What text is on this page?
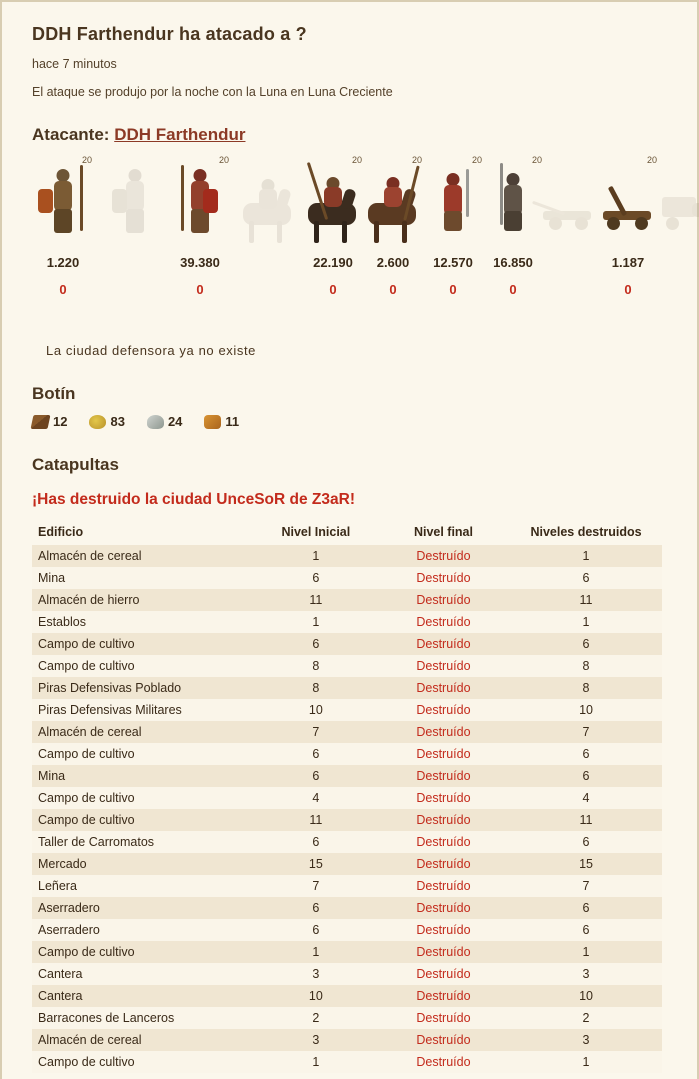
DDH Farthendur ha atacado a ?
hace 7 minutos
El ataque se produjo por la noche con la Luna en Luna Creciente
Atacante: DDH Farthendur
20
1.220
0
20
39.380
0
20
22.190
0
20
2.600
0
20
12.570
0
20
16.850
0
20
1.187
0
La ciudad defensora ya no existe
Botín
12	83	24	11
Catapultas
¡Has destruido la ciudad UnceSoR de Z3aR!
Edificio	Nivel Inicial	Nivel final	Niveles destruidos
Almacén de cereal	1	Destruído	1
Mina	6	Destruído	6
Almacén de hierro	11	Destruído	11
Establos	1	Destruído	1
Campo de cultivo	6	Destruído	6
Campo de cultivo	8	Destruído	8
Piras Defensivas Poblado	8	Destruído	8
Piras Defensivas Militares	10	Destruído	10
Almacén de cereal	7	Destruído	7
Campo de cultivo	6	Destruído	6
Mina	6	Destruído	6
Campo de cultivo	4	Destruído	4
Campo de cultivo	11	Destruído	11
Taller de Carromatos	6	Destruído	6
Mercado	15	Destruído	15
Leñera	7	Destruído	7
Aserradero	6	Destruído	6
Aserradero	6	Destruído	6
Campo de cultivo	1	Destruído	1
Cantera	3	Destruído	3
Cantera	10	Destruído	10
Barracones de Lanceros	2	Destruído	2
Almacén de cereal	3	Destruído	3
Campo de cultivo	1	Destruído	1
